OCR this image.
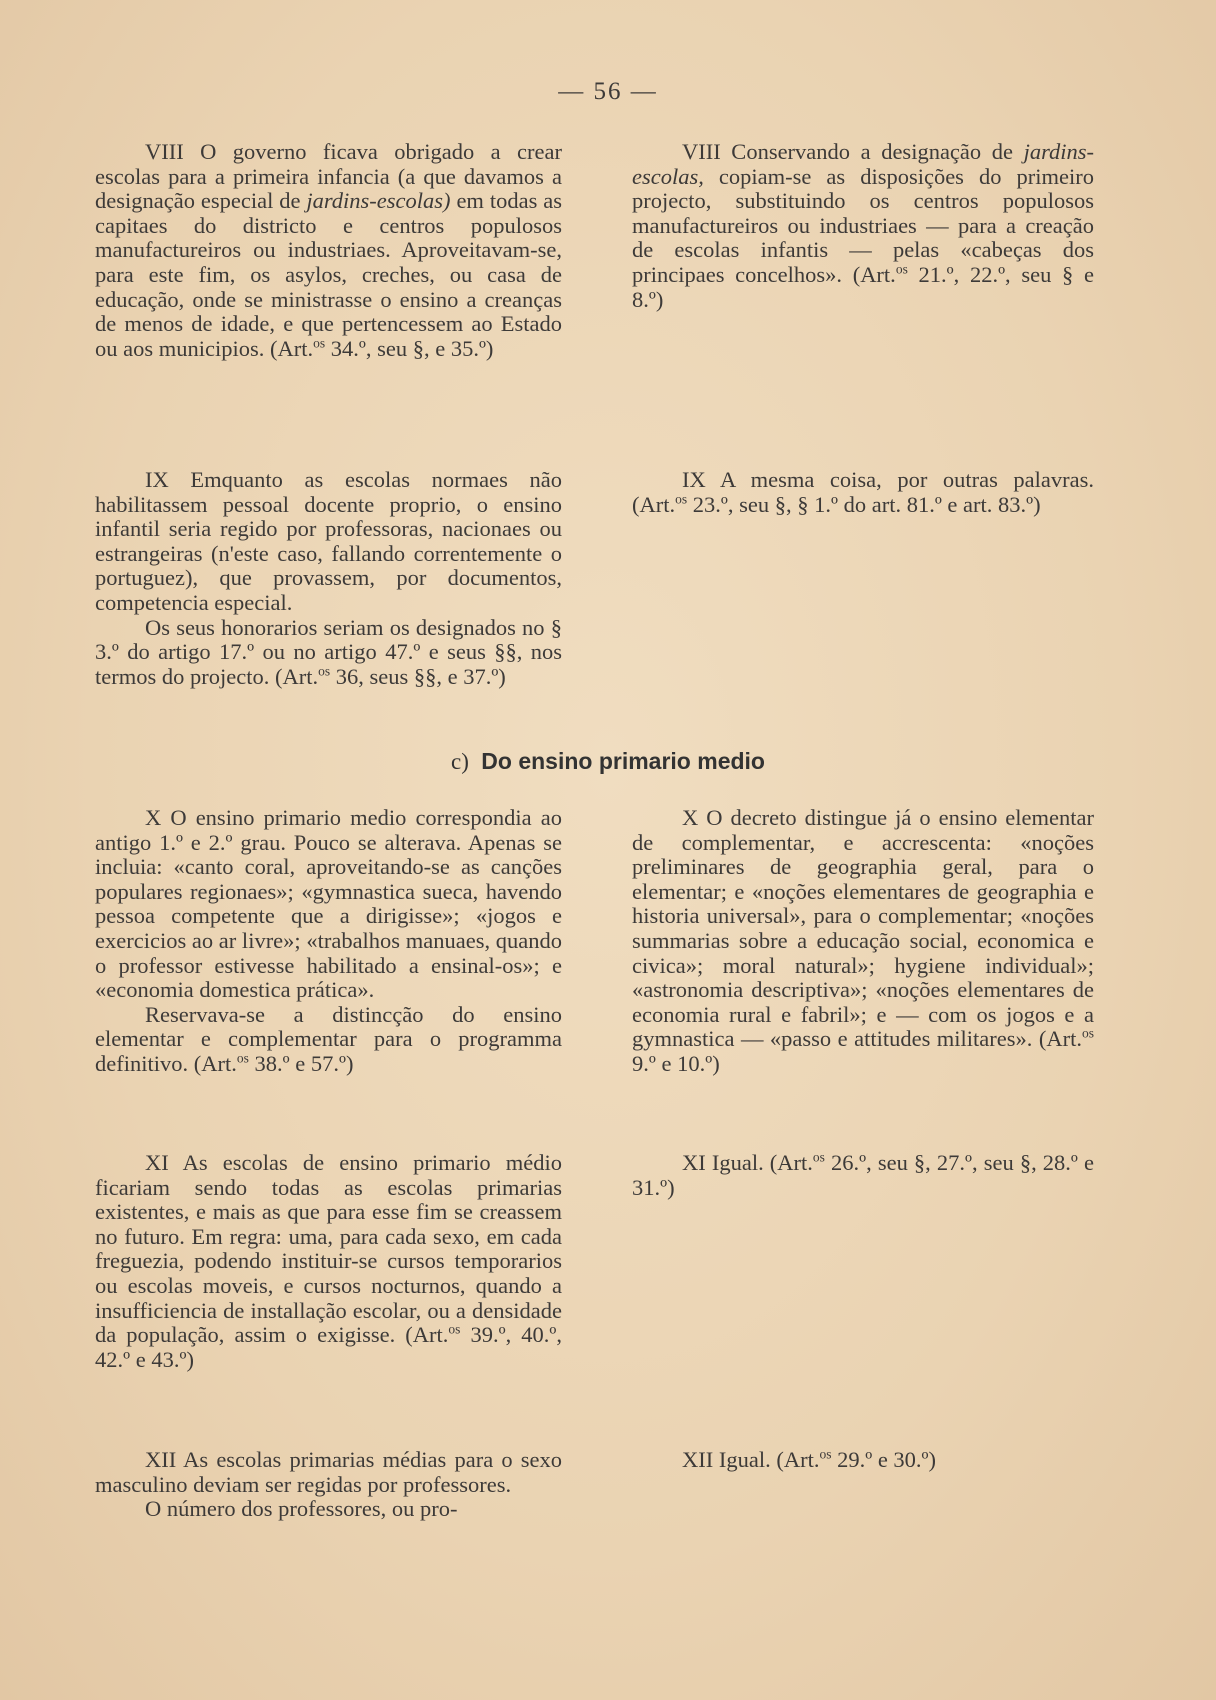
— 56 —

VIII O governo ficava obrigado a crear escolas para a primeira infancia (a que davamos a designação especial de jardins-escolas) em todas as capitaes do districto e centros populosos manufactureiros ou industriaes. Aproveitavam-se, para este fim, os asylos, creches, ou casa de educação, onde se ministrasse o ensino a creanças de menos de idade, e que pertencessem ao Estado ou aos municipios. (Art.$^{os}$ 34.º, seu §, e 35.º)

IX Emquanto as escolas normaes não habilitassem pessoal docente proprio, o ensino infantil seria regido por professoras, nacionaes ou estrangeiras (n'este caso, fallando correntemente o portuguez), que provassem, por documentos, competencia especial.

Os seus honorarios seriam os designados no § 3.º do artigo 17.º ou no artigo 47.º e seus §§, nos termos do projecto. (Art.$^{os}$ 36, seus §§, e 37.º)

c) Do ensino primario medio

X O ensino primario medio correspondia ao antigo 1.º e 2.º grau. Pouco se alterava. Apenas se incluia: «canto coral, aproveitando-se as canções populares regionaes»; «gymnastica sueca, havendo pessoa competente que a dirigisse»; «jogos e exercicios ao ar livre»; «trabalhos manuaes, quando o professor estivesse habilitado a ensinal-os»; e «economia domestica prática».

Reservava-se a distincção do ensino elementar e complementar para o programma definitivo. (Art.$^{os}$ 38.º e 57.º)

XI As escolas de ensino primario médio ficariam sendo todas as escolas primarias existentes, e mais as que para esse fim se creassem no futuro. Em regra: uma, para cada sexo, em cada freguezia, podendo instituir-se cursos temporarios ou escolas moveis, e cursos nocturnos, quando a insufficiencia de installação escolar, ou a densidade da população, assim o exigisse. (Art.$^{os}$ 39.º, 40.º, 42.º e 43.º)

XII As escolas primarias médias para o sexo masculino deviam ser regidas por professores.

O número dos professores, ou pro-

VIII Conservando a designação de jardins-escolas, copiam-se as disposições do primeiro projecto, substituindo os centros populosos manufactureiros ou industriaes — para a creação de escolas infantis — pelas «cabeças dos principaes concelhos». (Art.$^{os}$ 21.º, 22.º, seu § e 8.º)

IX A mesma coisa, por outras palavras. (Art.$^{os}$ 23.º, seu §, § 1.º do art. 81.º e art. 83.º)

X O decreto distingue já o ensino elementar de complementar, e accrescenta: «noções preliminares de geographia geral, para o elementar; e «noções elementares de geographia e historia universal», para o complementar; «noções summarias sobre a educação social, economica e civica»; moral natural»; hygiene individual»; «astronomia descriptiva»; «noções elementares de economia rural e fabril»; e — com os jogos e a gymnastica — «passo e attitudes militares». (Art.$^{os}$ 9.º e 10.º)

XI Igual. (Art.$^{os}$ 26.º, seu §, 27.º, seu §, 28.º e 31.º)

XII Igual. (Art.$^{os}$ 29.º e 30.º)
